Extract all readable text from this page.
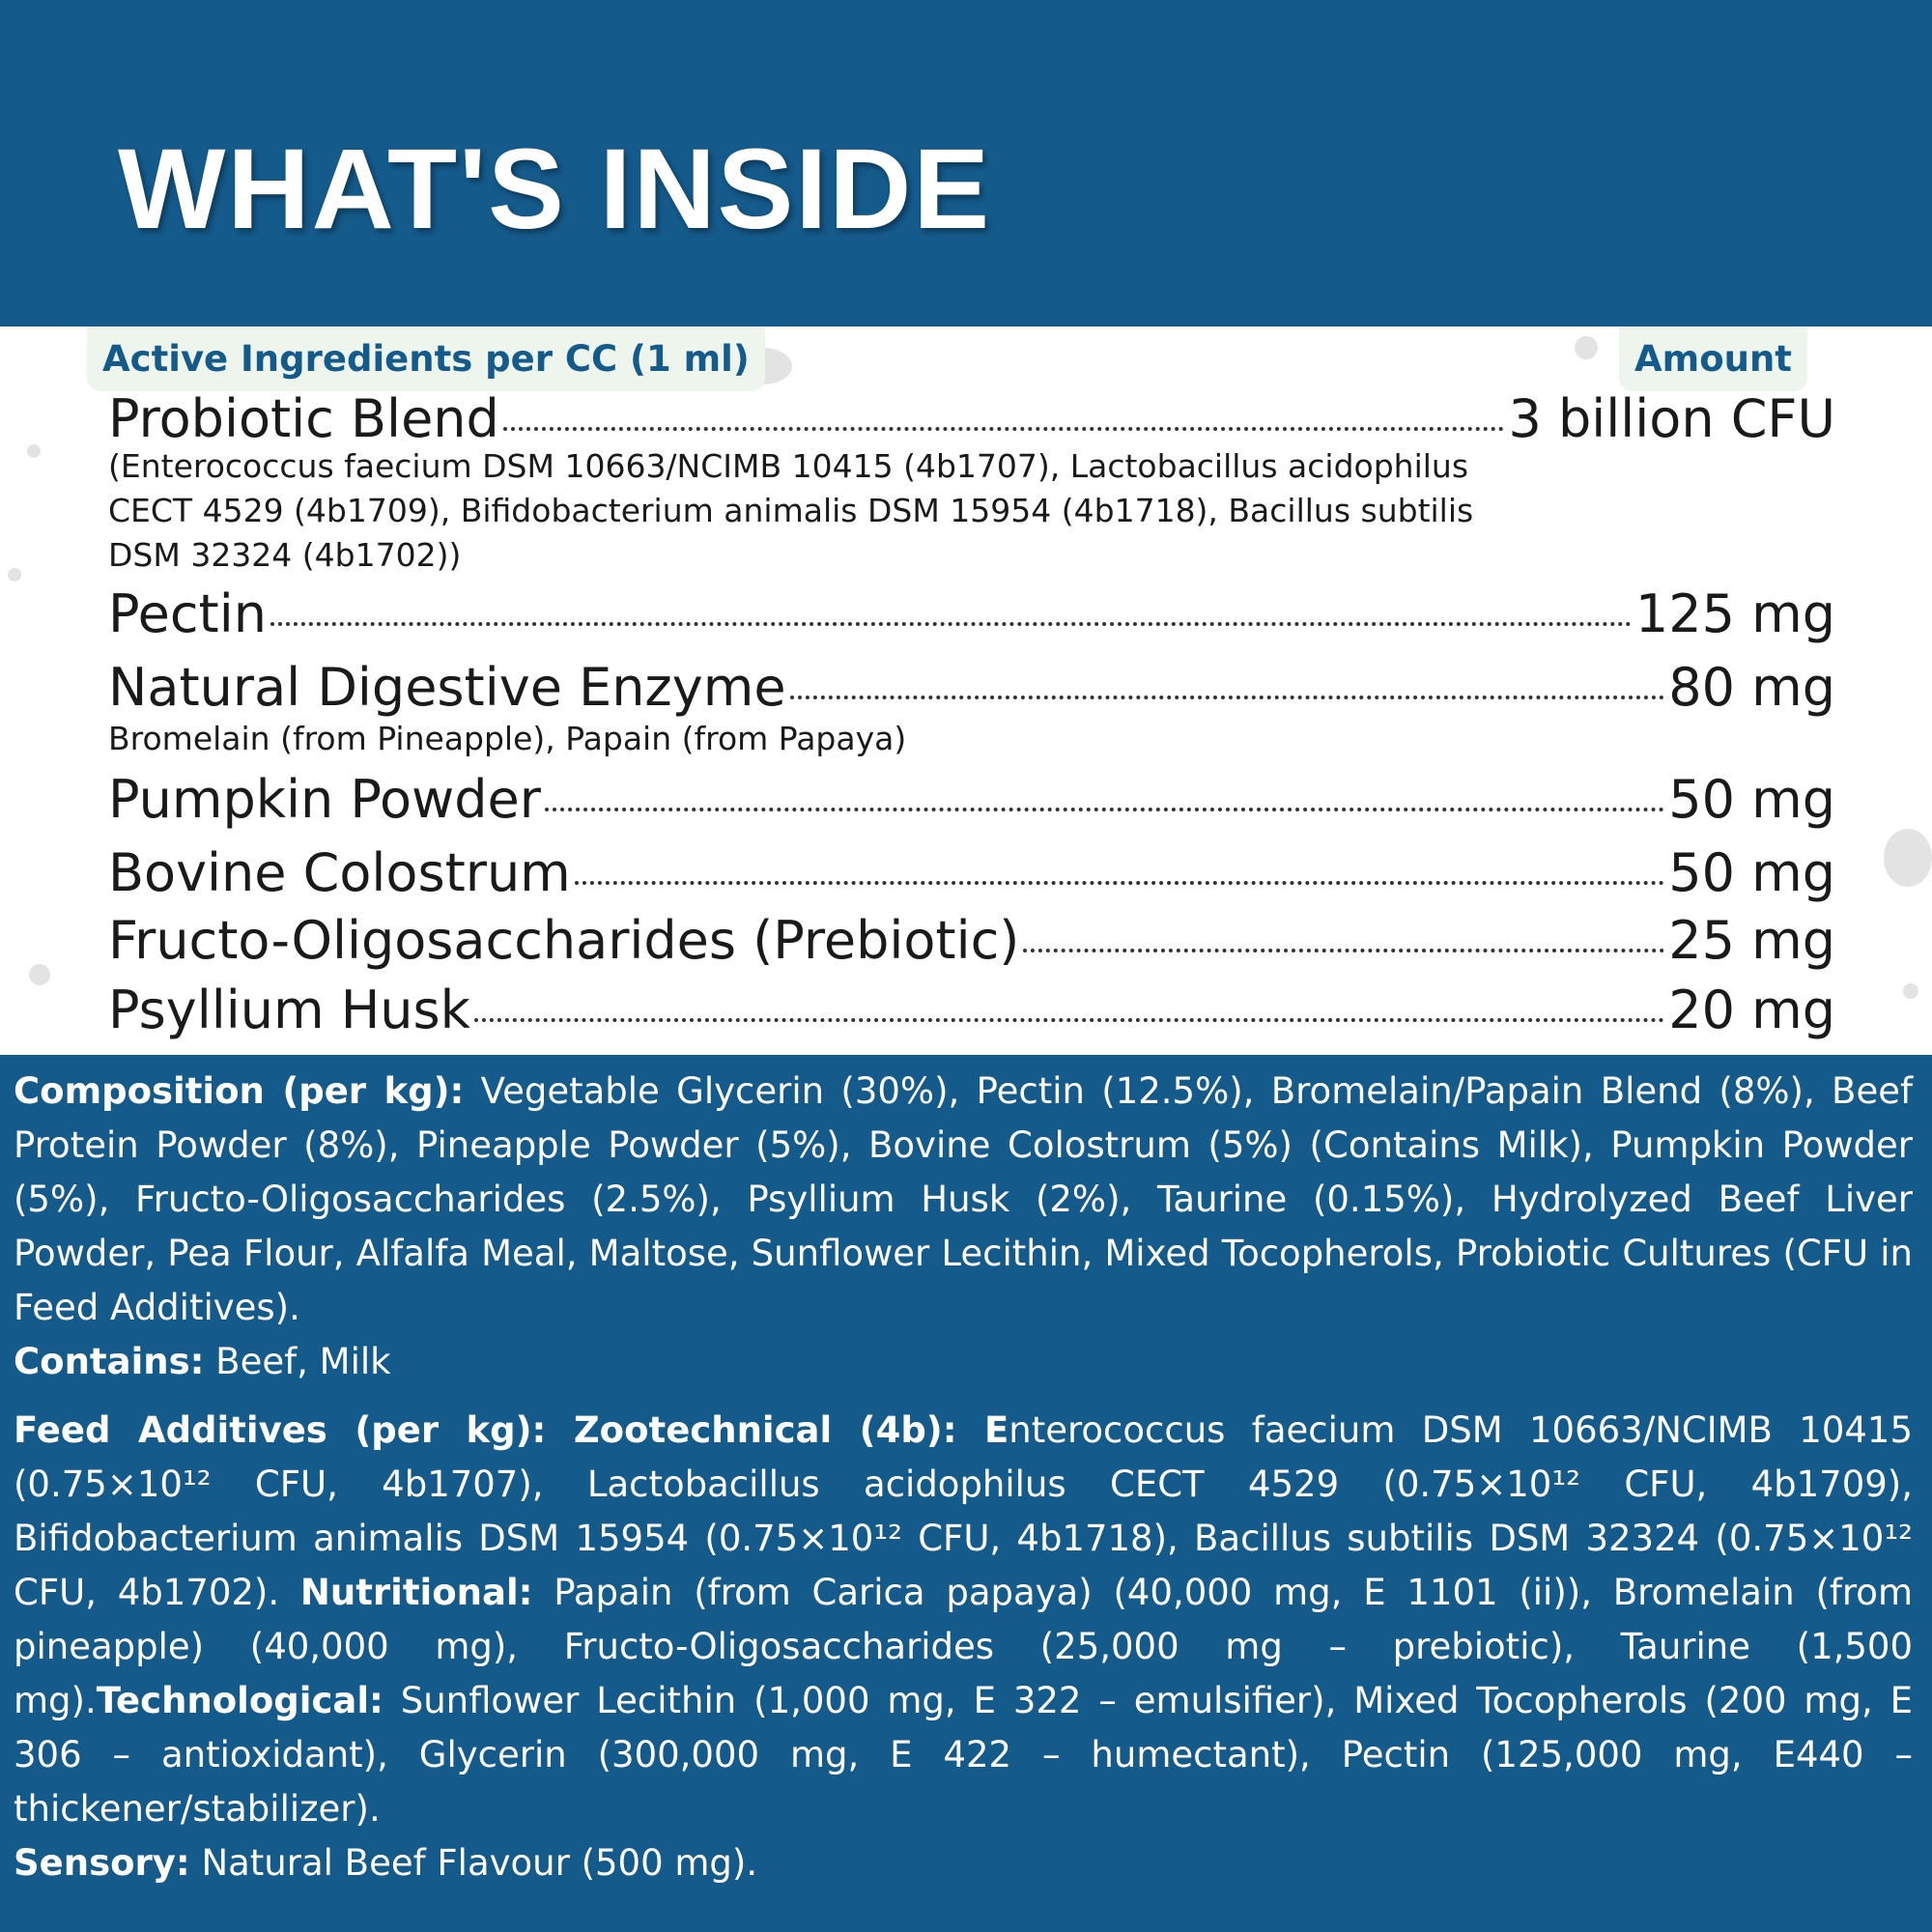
WHAT'S INSIDE
Active Ingredients per CC (1 ml)	Amount
Probiotic Blend	3 billion CFU
(Enterococcus faecium DSM 10663/NCIMB 10415 (4b1707), Lactobacillus acidophilus
CECT 4529 (4b1709), Bifidobacterium animalis DSM 15954 (4b1718), Bacillus subtilis
DSM 32324 (4b1702))
Pectin	125 mg
Natural Digestive Enzyme	80 mg
Bromelain (from Pineapple), Papain (from Papaya)
Pumpkin Powder	50 mg
Bovine Colostrum	50 mg
Fructo-Oligosaccharides (Prebiotic)	25 mg
Psyllium Husk	20 mg
Composition (per kg): Vegetable Glycerin (30%), Pectin (12.5%), Bromelain/Papain Blend (8%), Beef Protein Powder (8%), Pineapple Powder (5%), Bovine Colostrum (5%) (Contains Milk), Pumpkin Powder (5%), Fructo-Oligosaccharides (2.5%), Psyllium Husk (2%), Taurine (0.15%), Hydrolyzed Beef Liver Powder, Pea Flour, Alfalfa Meal, Maltose, Sunflower Lecithin, Mixed Tocopherols, Probiotic Cultures (CFU in Feed Additives).
Contains: Beef, Milk
Feed Additives (per kg): Zootechnical (4b): Enterococcus faecium DSM 10663/NCIMB 10415 (0.75×10¹² CFU, 4b1707), Lactobacillus acidophilus CECT 4529 (0.75×10¹² CFU, 4b1709), Bifidobacterium animalis DSM 15954 (0.75×10¹² CFU, 4b1718), Bacillus subtilis DSM 32324 (0.75×10¹² CFU, 4b1702). Nutritional: Papain (from Carica papaya) (40,000 mg, E 1101 (ii)), Bromelain (from pineapple) (40,000 mg), Fructo-Oligosaccharides (25,000 mg – prebiotic), Taurine (1,500 mg).Technological: Sunflower Lecithin (1,000 mg, E 322 – emulsifier), Mixed Tocopherols (200 mg, E 306 – antioxidant), Glycerin (300,000 mg, E 422 – humectant), Pectin (125,000 mg, E440 – thickener/stabilizer).
Sensory: Natural Beef Flavour (500 mg).
